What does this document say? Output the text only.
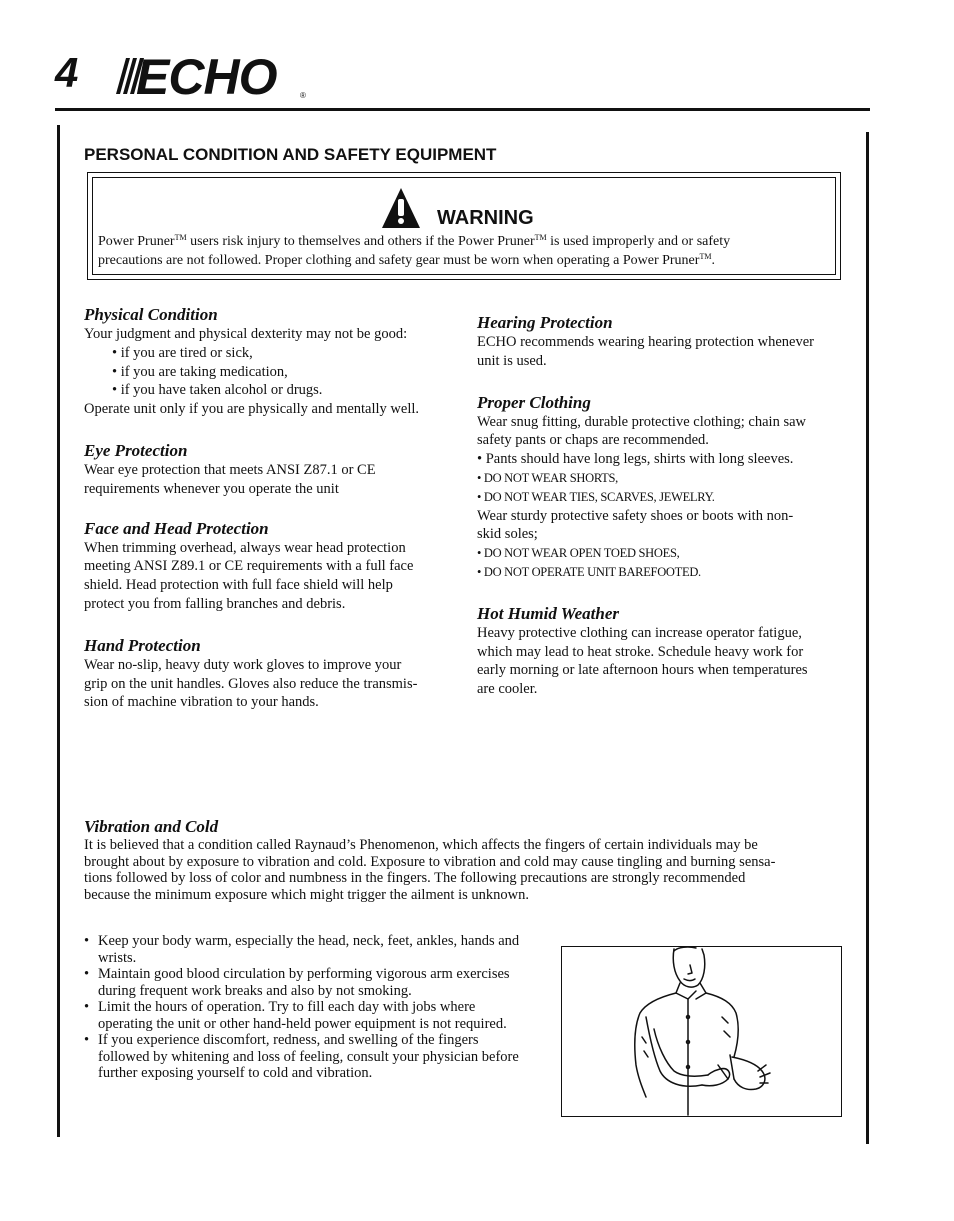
4 ECHO	®
PERSONAL CONDITION AND SAFETY EQUIPMENT
WARNING
Power Pruner™ users risk injury to themselves and others if the Power Pruner™ is used improperly and or safety
precautions are not followed. Proper clothing and safety gear must be worn when operating a Power Pruner™.
Physical Condition
Your judgment and physical dexterity may not be good:
• if you are tired or sick,
• if you are taking medication,
• if you have taken alcohol or drugs.
Operate unit only if you are physically and mentally well.
Eye Protection
Wear eye protection that meets ANSI Z87.1 or CE
requirements whenever you operate the unit
Face and Head Protection
When trimming overhead, always wear head protection
meeting ANSI Z89.1 or CE requirements with a full face
shield. Head protection with full face shield will help
protect you from falling branches and debris.
Hand Protection
Wear no-slip, heavy duty work gloves to improve your
grip on the unit handles. Gloves also reduce the transmis-
sion of machine vibration to your hands.
Hearing Protection
ECHO recommends wearing hearing protection whenever
unit is used.
Proper Clothing
Wear snug fitting, durable protective clothing; chain saw
safety pants or chaps are recommended.
• Pants should have long legs, shirts with long sleeves.
• DO NOT WEAR SHORTS,
• DO NOT WEAR TIES, SCARVES, JEWELRY.
Wear sturdy protective safety shoes or boots with non-
skid soles;
• DO NOT WEAR OPEN TOED SHOES,
• DO NOT OPERATE UNIT BAREFOOTED.
Hot Humid Weather
Heavy protective clothing can increase operator fatigue,
which may lead to heat stroke. Schedule heavy work for
early morning or late afternoon hours when temperatures
are cooler.
Vibration and Cold
It is believed that a condition called Raynaud’s Phenomenon, which affects the fingers of certain individuals may be
brought about by exposure to vibration and cold. Exposure to vibration and cold may cause tingling and burning sensa-
tions followed by loss of color and numbness in the fingers. The following precautions are strongly recommended
because the minimum exposure which might trigger the ailment is unknown.
• Keep your body warm, especially the head, neck, feet, ankles, hands and wrists.
• Maintain good blood circulation by performing vigorous arm exercises during frequent work breaks and also by not smoking.
• Limit the hours of operation. Try to fill each day with jobs where operating the unit or other hand-held power equipment is not required.
• If you experience discomfort, redness, and swelling of the fingers followed by whitening and loss of feeling, consult your physician before further exposing yourself to cold and vibration.
